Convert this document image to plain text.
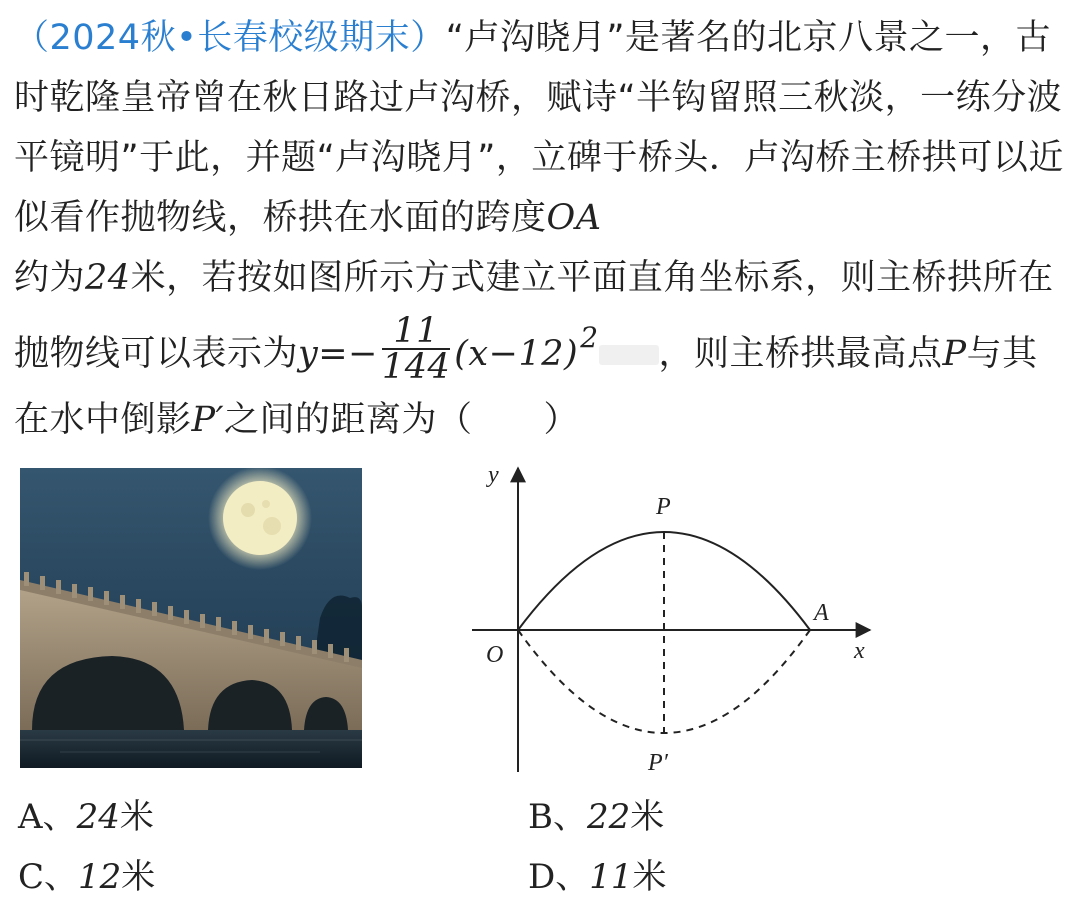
（2024秋•长春校级期末）“卢沟晓月”是著名的北京八景之一，古时乾隆皇帝曾在秋日路过卢沟桥，赋诗“半钩留照三秋淡，一练分波平镜明”于此，并题“卢沟晓月”，立碑于桥头．卢沟桥主桥拱可以近似看作抛物线，桥拱在水面的跨度OA
约为24米，若按如图所示方式建立平面直角坐标系，则主桥拱所在抛物线可以表示为$y=- \frac{11}{144} (x-12)^2$ ，则主桥拱最高点P与其在水中倒影P′之间的距离为（　　）
y
x
O
A
P
P′
A、24米	B、22米
C、12米	D、11米
